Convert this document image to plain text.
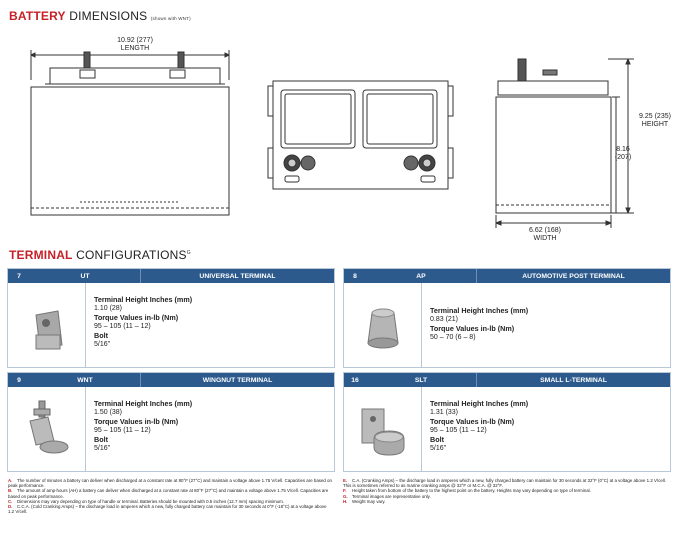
BATTERY DIMENSIONS (shown with WNT)
10.92 (277)
LENGTH
9.25 (235)
HEIGHT
8.16
(207)
6.62 (168)
WIDTH
TERMINAL $CONFIGURATIONS^G$
7	UT	UNIVERSAL TERMINAL
Terminal Height Inches (mm)
1.10 (28)
Torque Values in-lb (Nm)
95 – 105 (11 – 12)
Bolt
5/16"
8	AP	AUTOMOTIVE POST TERMINAL
Terminal Height Inches (mm)
0.83 (21)
Torque Values in-lb (Nm)
50 – 70 (6 – 8)
9	WNT	WINGNUT TERMINAL
Terminal Height Inches (mm)
1.50 (38)
Torque Values in-lb (Nm)
95 – 105 (11 – 12)
Bolt
5/16"
16	SLT	SMALL L-TERMINAL
Terminal Height Inches (mm)
1.31 (33)
Torque Values in-lb (Nm)
95 – 105 (11 – 12)
Bolt
5/16"
A. The number of minutes a battery can deliver when discharged at a constant rate at 80°F (27°C) and maintain a voltage above 1.75 V/cell. Capacities are based on peak performance.
B. The amount of amp-hours (AH) a battery can deliver when discharged at a constant rate at 80°F (27°C) and maintain a voltage above 1.75 V/cell. Capacities are based on peak performance.
C. Dimensions may vary depending on type of handle or terminal. Batteries should be mounted with 0.5 inches (12.7 mm) spacing minimum.
D. C.C.A. (Cold Cranking Amps) – the discharge load in amperes which a new, fully charged battery can maintain for 30 seconds at 0°F (-18°C) at a voltage above 1.2 V/cell.
E. C.A. (Cranking Amps) – the discharge load in amperes which a new, fully charged battery can maintain for 30 seconds at 32°F (0°C) at a voltage above 1.2 V/cell. This is sometimes referred to as marine cranking amps @ 32°F or M.C.A. @ 32°F.
F. Height taken from bottom of the battery to the highest point on the battery. Heights may vary depending on type of terminal.
G. Terminal images are representative only.
H. Weight may vary.
